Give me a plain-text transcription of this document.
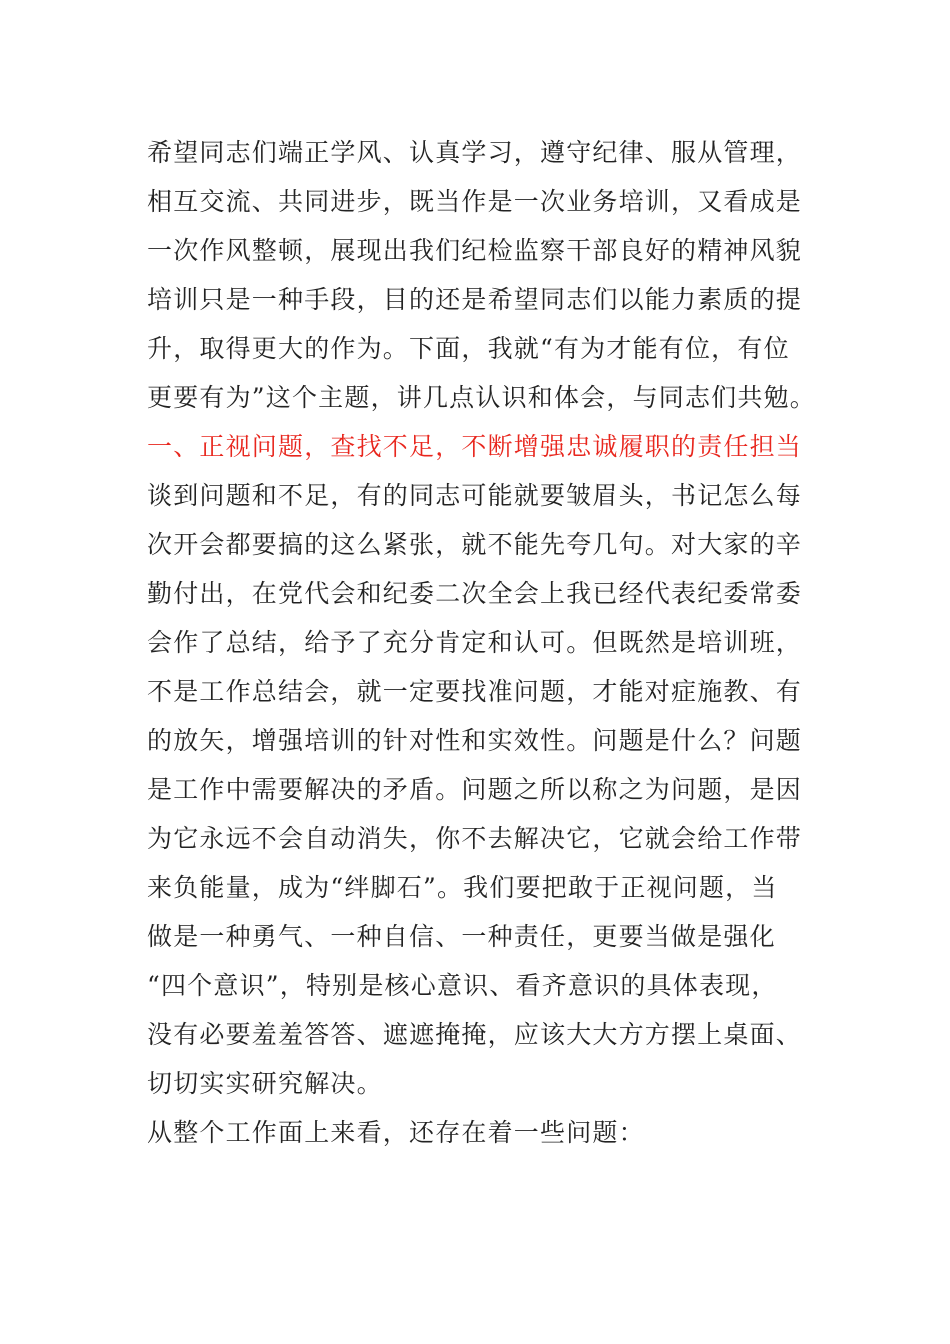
希望同志们端正学风、认真学习，遵守纪律、服从管理，
相互交流、共同进步，既当作是一次业务培训，又看成是
一次作风整顿，展现出我们纪检监察干部良好的精神风貌
培训只是一种手段，目的还是希望同志们以能力素质的提
升，取得更大的作为。下面，我就“有为才能有位，有位
更要有为”这个主题，讲几点认识和体会，与同志们共勉。
一、正视问题，查找不足，不断增强忠诚履职的责任担当
谈到问题和不足，有的同志可能就要皱眉头，书记怎么每
次开会都要搞的这么紧张，就不能先夸几句。对大家的辛
勤付出，在党代会和纪委二次全会上我已经代表纪委常委
会作了总结，给予了充分肯定和认可。但既然是培训班，
不是工作总结会，就一定要找准问题，才能对症施教、有
的放矢，增强培训的针对性和实效性。问题是什么？问题
是工作中需要解决的矛盾。问题之所以称之为问题，是因
为它永远不会自动消失，你不去解决它，它就会给工作带
来负能量，成为“绊脚石”。我们要把敢于正视问题，当
做是一种勇气、一种自信、一种责任，更要当做是强化
“四个意识”，特别是核心意识、看齐意识的具体表现，
没有必要羞羞答答、遮遮掩掩，应该大大方方摆上桌面、
切切实实研究解决。
从整个工作面上来看，还存在着一些问题：
